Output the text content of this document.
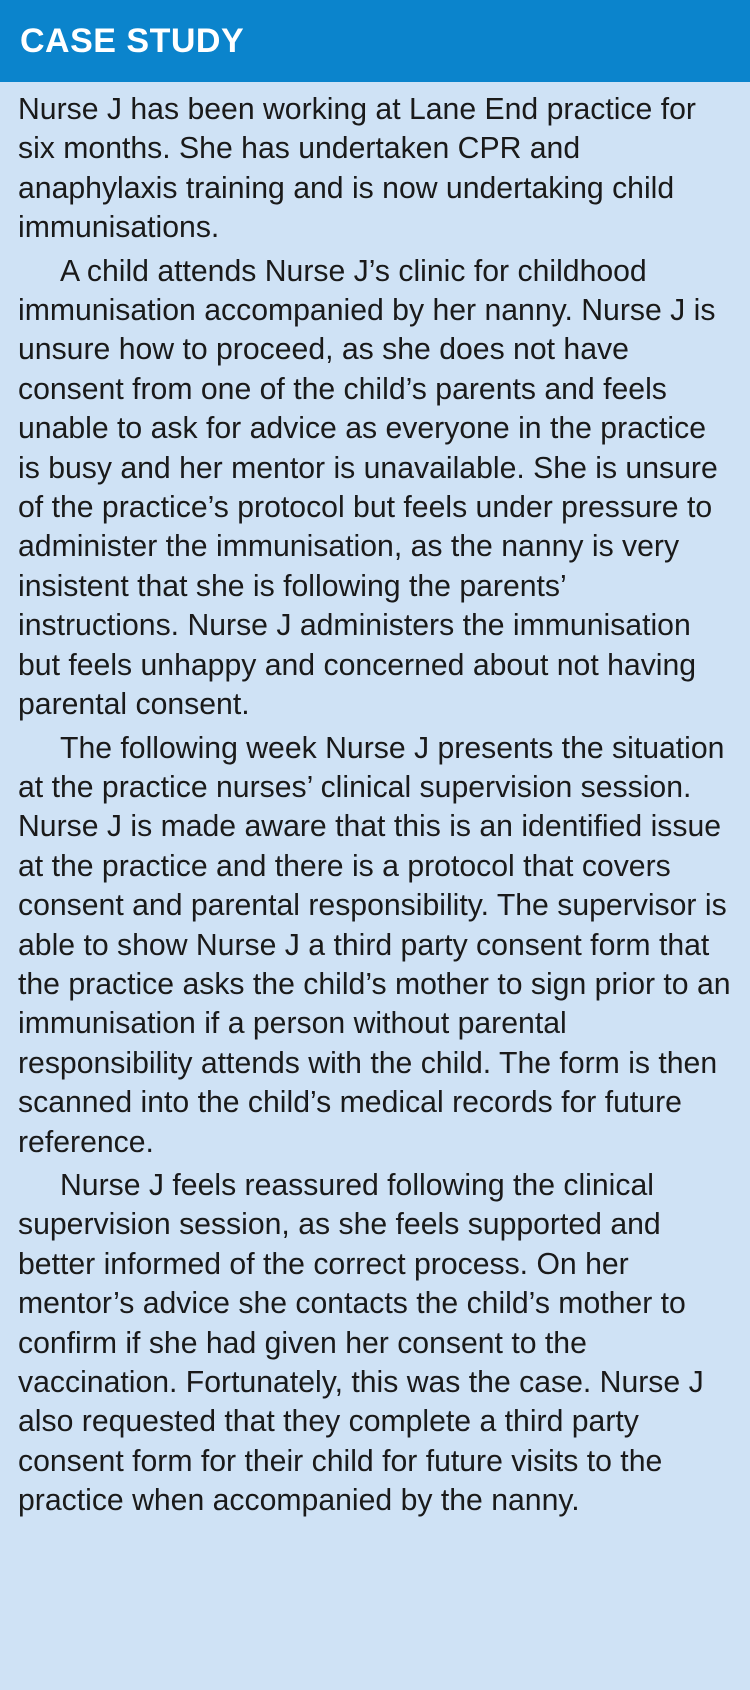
CASE STUDY

Nurse J has been working at Lane End practice for six months. She has undertaken CPR and anaphylaxis training and is now undertaking child immunisations.

A child attends Nurse J’s clinic for childhood immunisation accompanied by her nanny. Nurse J is unsure how to proceed, as she does not have consent from one of the child’s parents and feels unable to ask for advice as everyone in the practice is busy and her mentor is unavailable. She is unsure of the practice’s protocol but feels under pressure to administer the immunisation, as the nanny is very insistent that she is following the parents’ instructions. Nurse J administers the immunisation but feels unhappy and concerned about not having parental consent.

The following week Nurse J presents the situation at the practice nurses’ clinical supervision session. Nurse J is made aware that this is an identified issue at the practice and there is a protocol that covers consent and parental responsibility. The supervisor is able to show Nurse J a third party consent form that the practice asks the child’s mother to sign prior to an immunisation if a person without parental responsibility attends with the child. The form is then scanned into the child’s medical records for future reference.

Nurse J feels reassured following the clinical supervision session, as she feels supported and better informed of the correct process. On her mentor’s advice she contacts the child’s mother to confirm if she had given her consent to the vaccination. Fortunately, this was the case. Nurse J also requested that they complete a third party consent form for their child for future visits to the practice when accompanied by the nanny.
